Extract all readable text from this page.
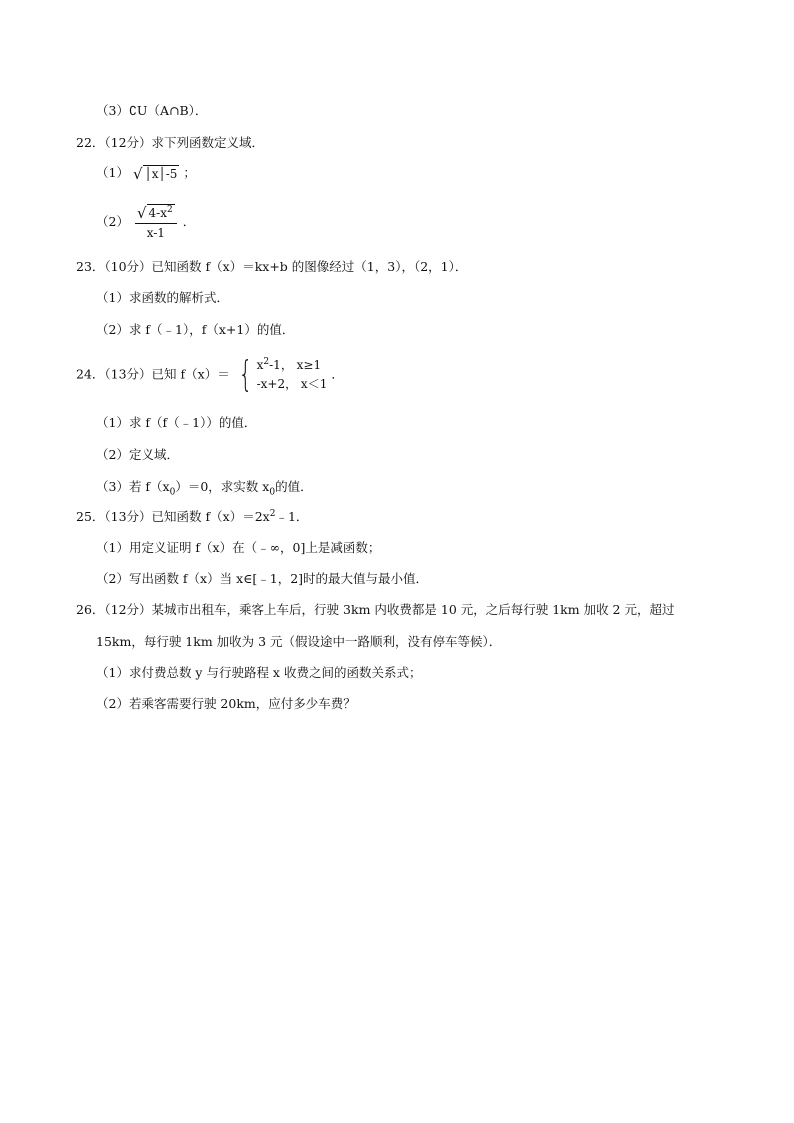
（3）∁U（A∩B）．
22．（12分）求下列函数定义域．
（1） √ │x│-5 ；
$(2) \frac{√ 4-x^2}{x-1}$ ．
23．（10分）已知函数 f（x）＝kx+b 的图像经过（1，3），（2，1）．
（1）求函数的解析式．
（2）求 f（﹣1），f（x+1）的值．
24．（13分）已知 f（x）＝ { $x^2-1$， x≥1
-x+2， x＜1
．
（1）求 f（f（﹣1））的值．
（2）定义域．
（3）若 $f(x_0)=0$，求实数 $x_0$的值．
25．（13分）已知函数 $f(x)=2x^2﹣1$．
（1）用定义证明 f（x）在（﹣∞，0]上是减函数；
（2）写出函数 f（x）当 x∈[﹣1，2]时的最大值与最小值．
26．（12分）某城市出租车，乘客上车后，行驶 3km 内收费都是 10 元，之后每行驶 1km 加收 2 元，超过
15km，每行驶 1km 加收为 3 元（假设途中一路顺利，没有停车等候）．
（1）求付费总数 y 与行驶路程 x 收费之间的函数关系式；
（2）若乘客需要行驶 20km，应付多少车费？
